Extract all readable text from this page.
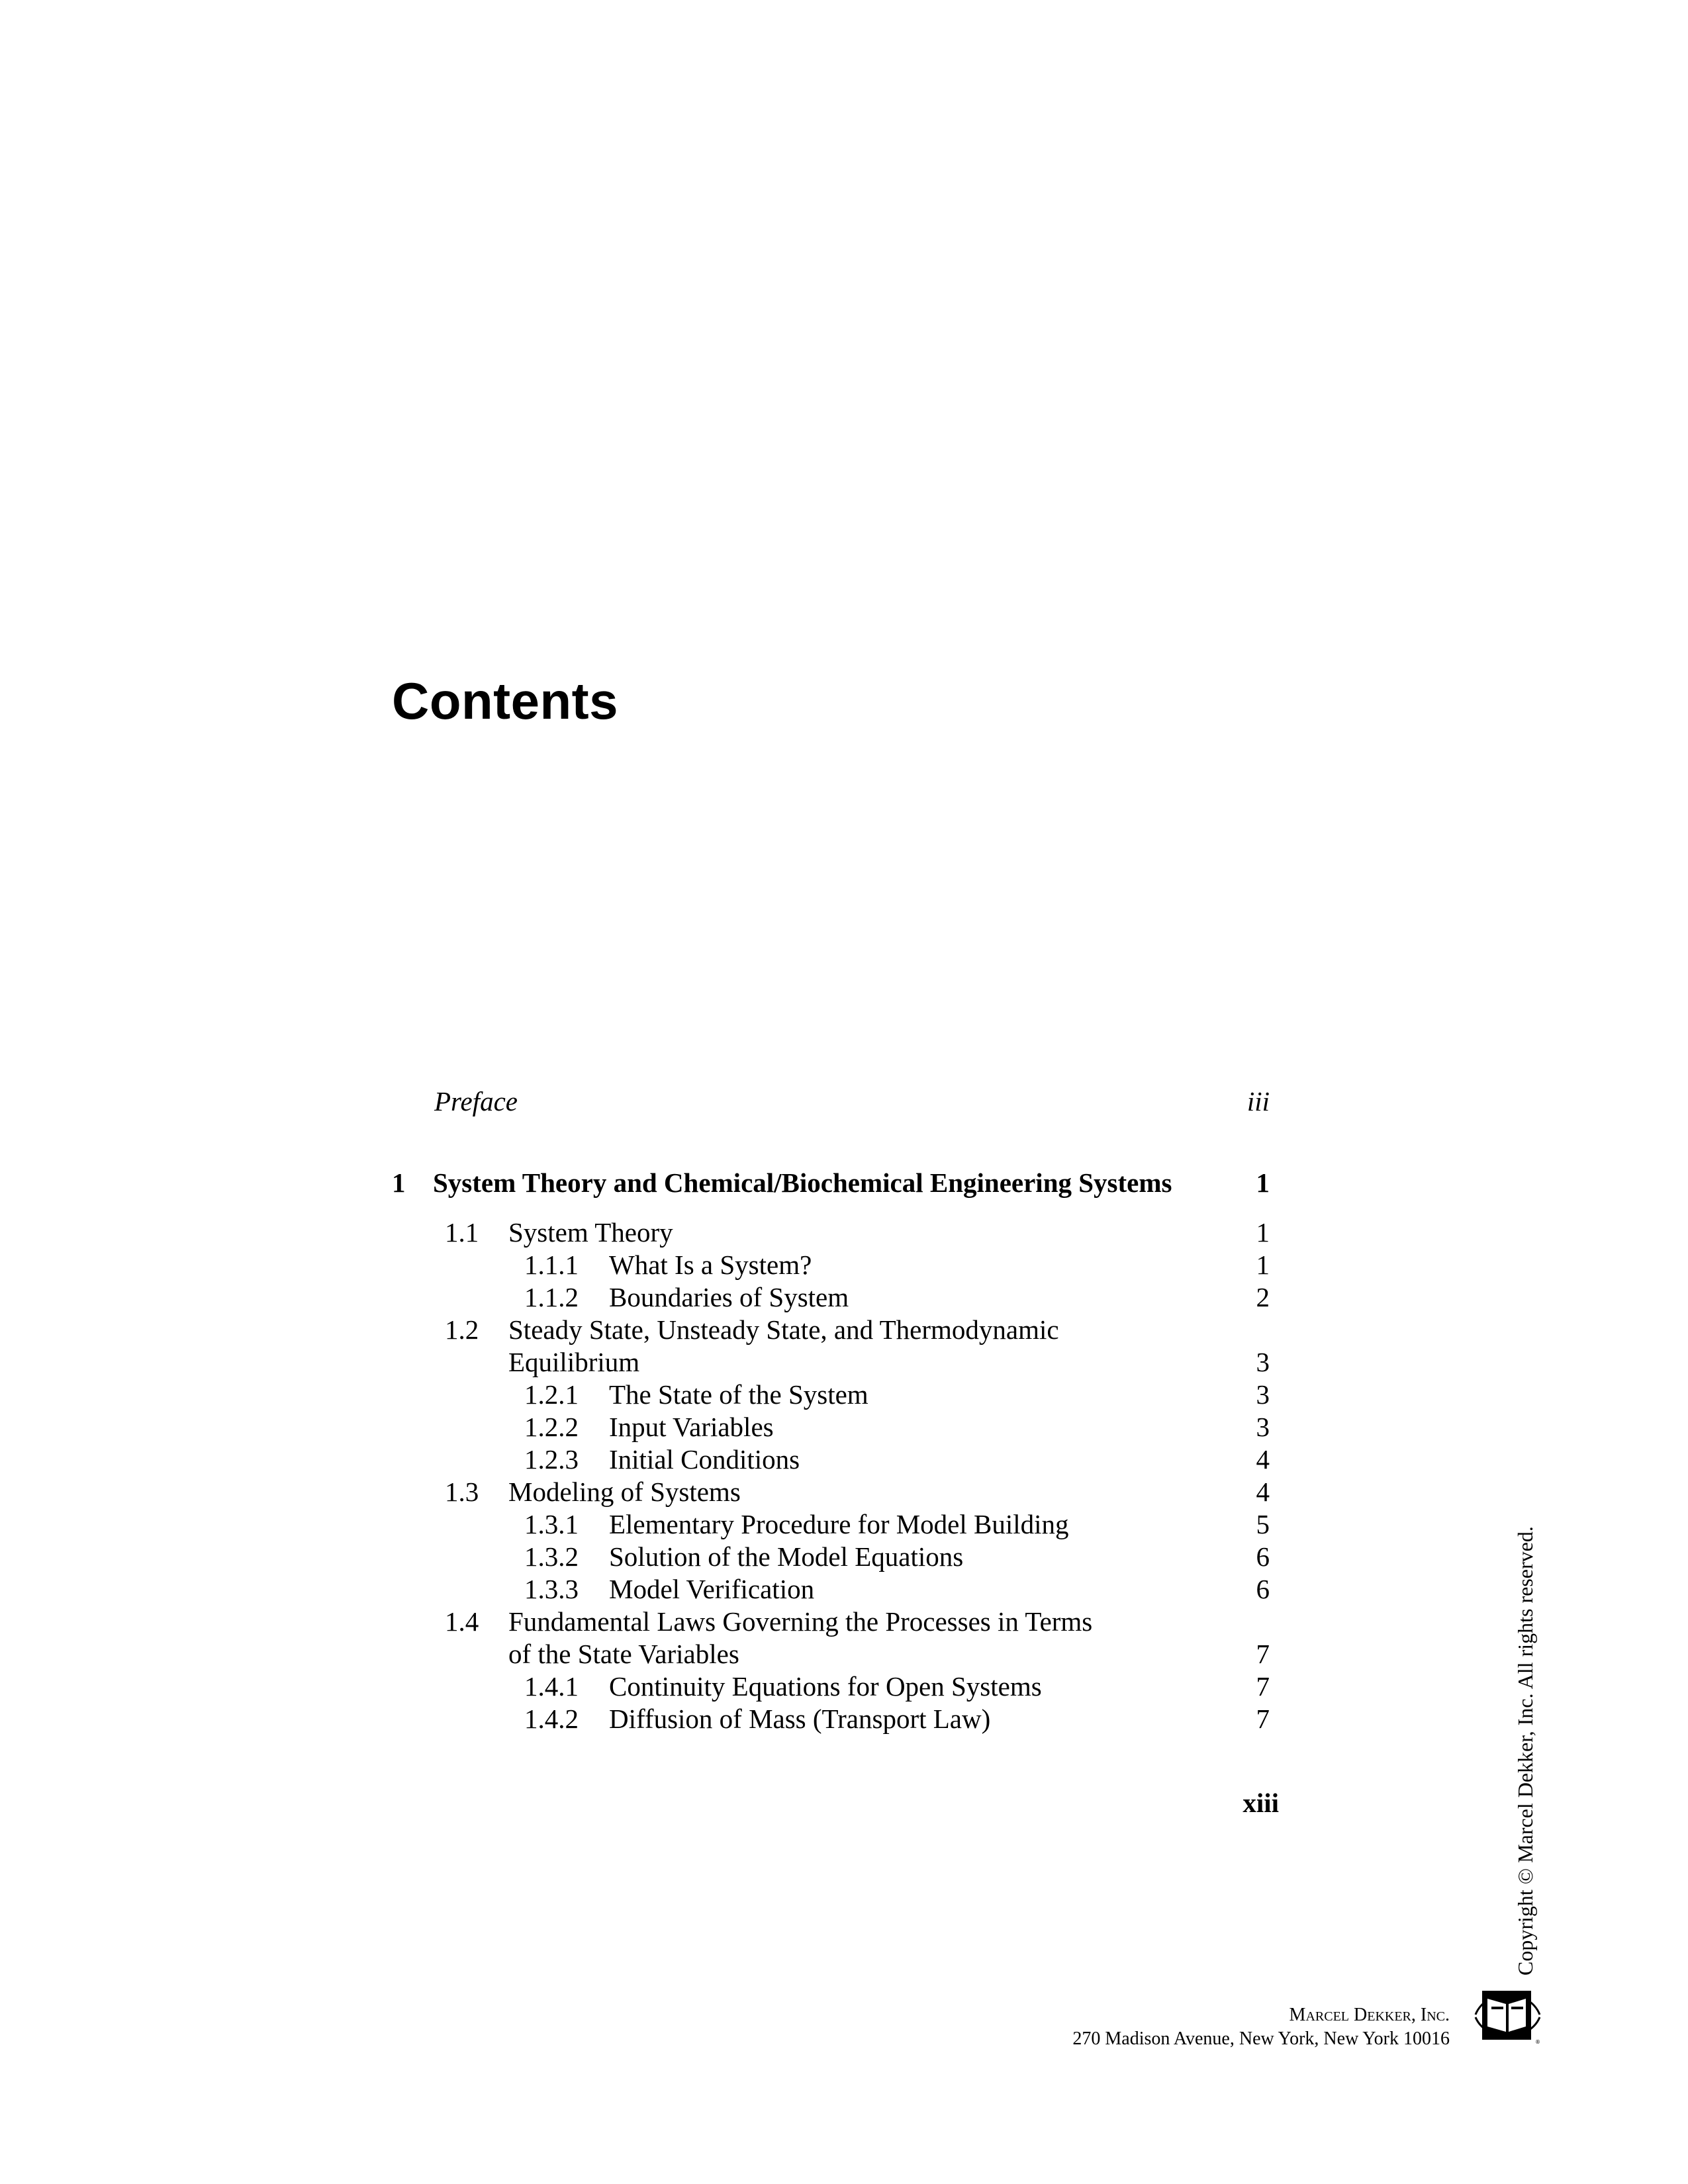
Contents
Preface	iii
1 System Theory and Chemical/Biochemical Engineering Systems	1
1.1 System Theory	1
1.1.1 What Is a System?	1
1.1.2 Boundaries of System	2
1.2 Steady State, Unsteady State, and Thermodynamic
Equilibrium	3
1.2.1 The State of the System	3
1.2.2 Input Variables	3
1.2.3 Initial Conditions	4
1.3 Modeling of Systems	4
1.3.1 Elementary Procedure for Model Building	5
1.3.2 Solution of the Model Equations	6
1.3.3 Model Verification	6
1.4 Fundamental Laws Governing the Processes in Terms
of the State Variables	7
1.4.1 Continuity Equations for Open Systems	7
1.4.2 Diffusion of Mass (Transport Law)	7
xiii	Copyright © Marcel Dekker, Inc. All rights reserved.
Marcel Dekker, Inc.
270 Madison Avenue, New York, New York 10016	®
